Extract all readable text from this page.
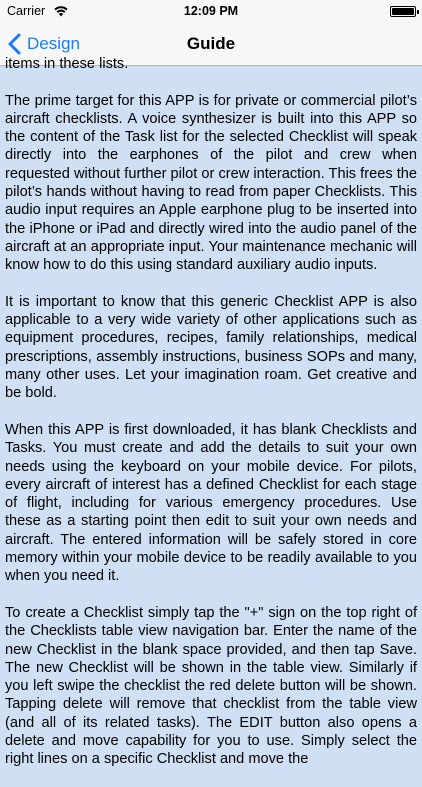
Carrier	12:09 PM
Guide
Design

items in these lists.

The prime target for this APP is for private or commercial pilot’s aircraft checklists. A voice synthesizer is built into this APP so the content of the Task list for the selected Checklist will speak directly into the earphones of the pilot and crew when requested without further pilot or crew interaction. This frees the pilot’s hands without having to read from paper Checklists. This audio input requires an Apple earphone plug to be inserted into the iPhone or iPad and directly wired into the audio panel of the aircraft at an appropriate input. Your maintenance mechanic will know how to do this using standard auxiliary audio inputs.

It is important to know that this generic Checklist APP is also applicable to a very wide variety of other applications such as equipment procedures, recipes, family relationships, medical prescriptions, assembly instructions, business SOPs and many, many other uses. Let your imagination roam. Get creative and be bold.

When this APP is first downloaded, it has blank Checklists and Tasks. You must create and add the details to suit your own needs using the keyboard on your mobile device. For pilots, every aircraft of interest has a defined Checklist for each stage of flight, including for various emergency procedures. Use these as a starting point then edit to suit your own needs and aircraft. The entered information will be safely stored in core memory within your mobile device to be readily available to you when you need it.

To create a Checklist simply tap the "+" sign on the top right of the Checklists table view navigation bar. Enter the name of the new Checklist in the blank space provided, and then tap Save. The new Checklist will be shown in the table view. Similarly if you left swipe the checklist the red delete button will be shown. Tapping delete will remove that checklist from the table view (and all of its related tasks). The EDIT button also opens a delete and move capability for you to use. Simply select the right lines on a specific Checklist and move the
